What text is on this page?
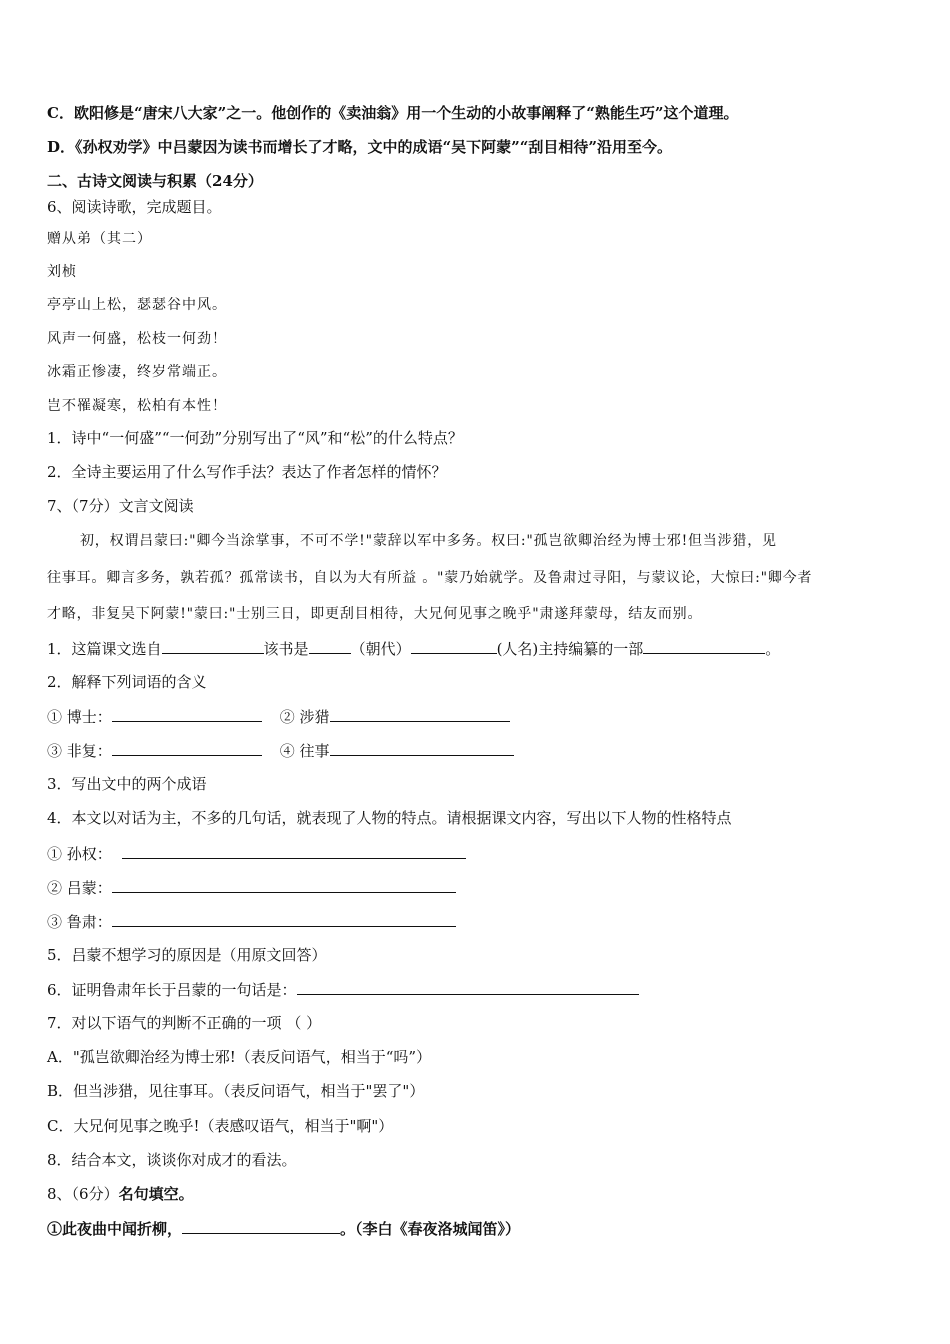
C．欧阳修是“唐宋八大家”之一。他创作的《卖油翁》用一个生动的小故事阐释了“熟能生巧”这个道理。
D．《孙权劝学》中吕蒙因为读书而增长了才略，文中的成语“吴下阿蒙”“刮目相待”沿用至今。
二、古诗文阅读与积累（24分）
6、阅读诗歌，完成题目。
赠从弟（其二）
刘桢
亭亭山上松，瑟瑟谷中风。
风声一何盛，松枝一何劲！
冰霜正惨凄，终岁常端正。
岂不罹凝寒，松柏有本性！
1．诗中“一何盛”“一何劲”分别写出了“风”和“松”的什么特点？
2．全诗主要运用了什么写作手法？表达了作者怎样的情怀？
7、（7分）文言文阅读
初，权谓吕蒙曰:"卿今当涂掌事，不可不学!"蒙辞以军中多务。权曰:"孤岂欲卿治经为博士邪!但当涉猎，见
往事耳。卿言多务，孰若孤？孤常读书，自以为大有所益 。"蒙乃始就学。及鲁肃过寻阳，与蒙议论，大惊曰:"卿今者
才略，非复吴下阿蒙!"蒙曰:"士别三日，即更刮目相待，大兄何见事之晚乎"肃遂拜蒙母，结友而别。
1．这篇课文选自	该书是	（朝代）	(人名)主持编纂的一部	。
2．解释下列词语的含义
① 博士：	② 涉猎
③ 非复：	④ 往事
3．写出文中的两个成语
4．本文以对话为主，不多的几句话，就表现了人物的特点。请根据课文内容，写出以下人物的性格特点
① 孙权：
② 吕蒙：
③ 鲁肃：
5．吕蒙不想学习的原因是（用原文回答）
6．证明鲁肃年长于吕蒙的一句话是：
7．对以下语气的判断不正确的一项 （ ）
A．"孤岂欲卿治经为博士邪!（表反问语气，相当于“吗”）
B．但当涉猎，见往事耳。（表反问语气，相当于"罢了"）
C．大兄何见事之晚乎!（表感叹语气，相当于"啊"）
8．结合本文，谈谈你对成才的看法。
8、（6分）名句填空。
①此夜曲中闻折柳，	。（李白《春夜洛城闻笛》）
